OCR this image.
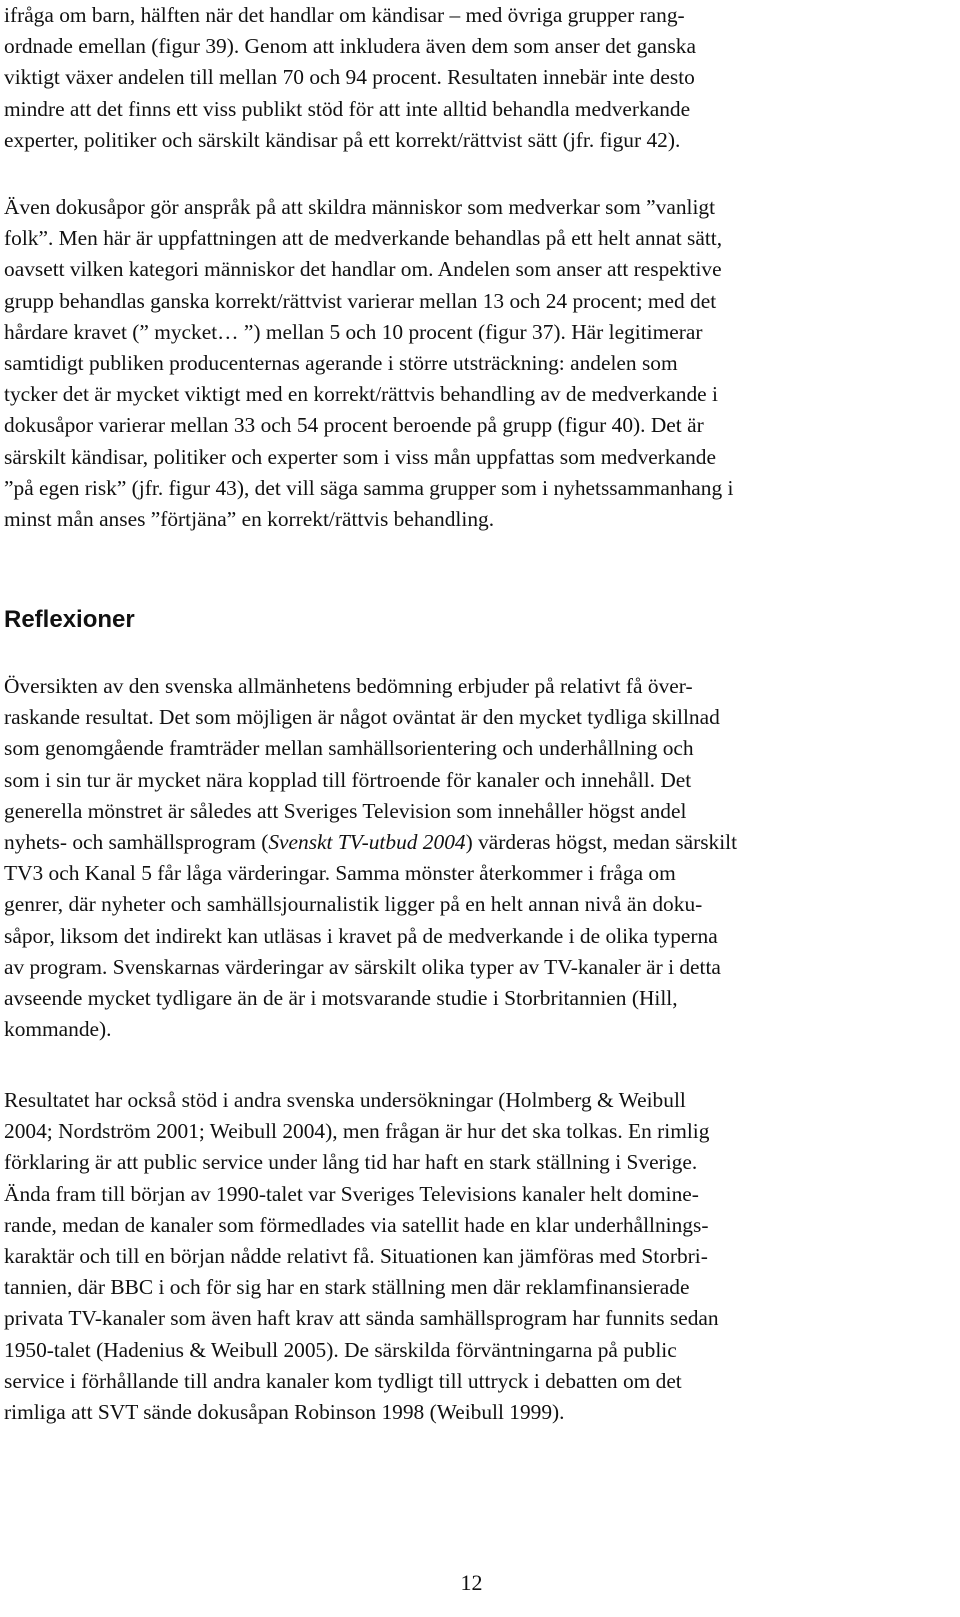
ifråga om barn, hälften när det handlar om kändisar – med övriga grupper rang-
ordnade emellan (figur 39). Genom att inkludera även dem som anser det ganska
viktigt växer andelen till mellan 70 och 94 procent. Resultaten innebär inte desto
mindre att det finns ett viss publikt stöd för att inte alltid behandla medverkande
experter, politiker och särskilt kändisar på ett korrekt/rättvist sätt (jfr. figur 42).

Även dokusåpor gör anspråk på att skildra människor som medverkar som ”vanligt
folk”. Men här är uppfattningen att de medverkande behandlas på ett helt annat sätt,
oavsett vilken kategori människor det handlar om. Andelen som anser att respektive
grupp behandlas ganska korrekt/rättvist varierar mellan 13 och 24 procent; med det
hårdare kravet (” mycket… ”) mellan 5 och 10 procent (figur 37). Här legitimerar
samtidigt publiken producenternas agerande i större utsträckning: andelen som
tycker det är mycket viktigt med en korrekt/rättvis behandling av de medverkande i
dokusåpor varierar mellan 33 och 54 procent beroende på grupp (figur 40). Det är
särskilt kändisar, politiker och experter som i viss mån uppfattas som medverkande
”på egen risk” (jfr. figur 43), det vill säga samma grupper som i nyhetssammanhang i
minst mån anses ”förtjäna” en korrekt/rättvis behandling.

Reflexioner

Översikten av den svenska allmänhetens bedömning erbjuder på relativt få över-
raskande resultat. Det som möjligen är något oväntat är den mycket tydliga skillnad
som genomgående framträder mellan samhällsorientering och underhållning och
som i sin tur är mycket nära kopplad till förtroende för kanaler och innehåll. Det
generella mönstret är således att Sveriges Television som innehåller högst andel
nyhets- och samhällsprogram (Svenskt TV-utbud 2004) värderas högst, medan särskilt
TV3 och Kanal 5 får låga värderingar. Samma mönster återkommer i fråga om
genrer, där nyheter och samhällsjournalistik ligger på en helt annan nivå än doku-
såpor, liksom det indirekt kan utläsas i kravet på de medverkande i de olika typerna
av program. Svenskarnas värderingar av särskilt olika typer av TV-kanaler är i detta
avseende mycket tydligare än de är i motsvarande studie i Storbritannien (Hill,
kommande).

Resultatet har också stöd i andra svenska undersökningar (Holmberg & Weibull
2004; Nordström 2001; Weibull 2004), men frågan är hur det ska tolkas. En rimlig
förklaring är att public service under lång tid har haft en stark ställning i Sverige.
Ända fram till början av 1990-talet var Sveriges Televisions kanaler helt domine-
rande, medan de kanaler som förmedlades via satellit hade en klar underhållnings-
karaktär och till en början nådde relativt få. Situationen kan jämföras med Storbri-
tannien, där BBC i och för sig har en stark ställning men där reklamfinansierade
privata TV-kanaler som även haft krav att sända samhällsprogram har funnits sedan
1950-talet (Hadenius & Weibull 2005). De särskilda förväntningarna på public
service i förhållande till andra kanaler kom tydligt till uttryck i debatten om det
rimliga att SVT sände dokusåpan Robinson 1998 (Weibull 1999).

12
